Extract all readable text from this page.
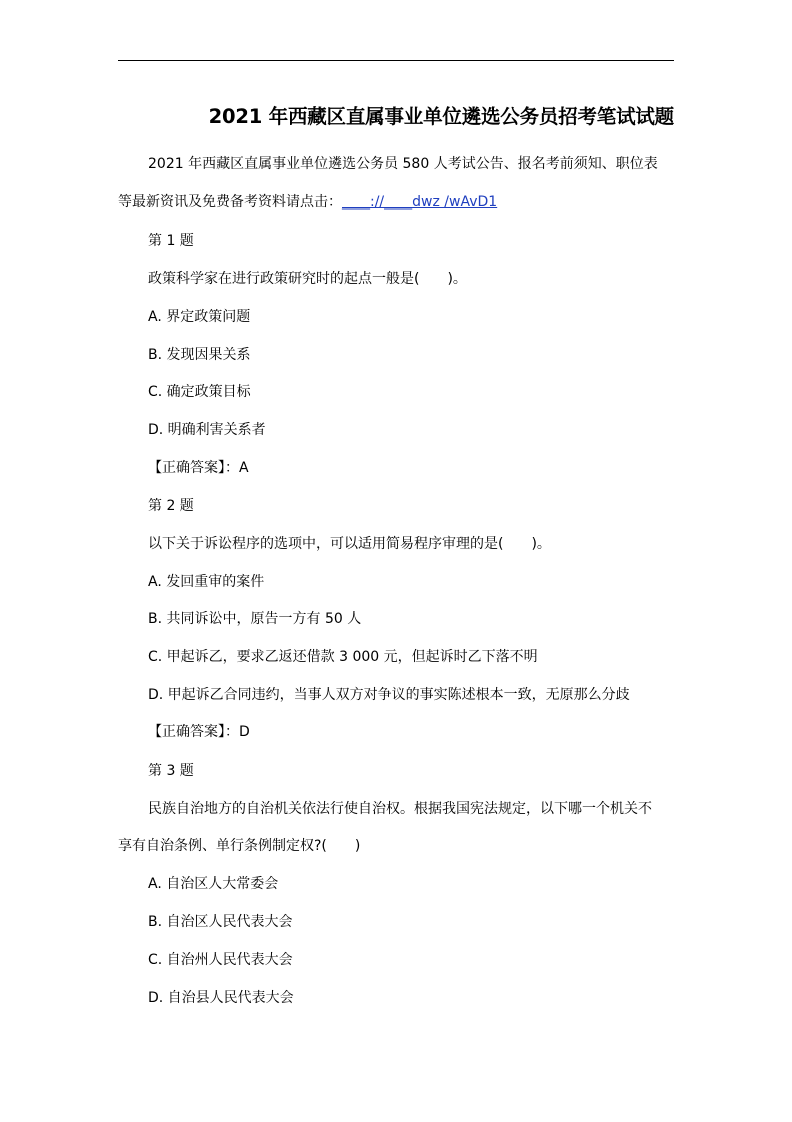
2021 年西藏区直属事业单位遴选公务员招考笔试试题
2021 年西藏区直属事业单位遴选公务员 580 人考试公告、报名考前须知、职位表
等最新资讯及免费备考资料请点击：____://____dwz /wAvD1
第 1 题
政策科学家在进行政策研究时的起点一般是(　　)。
A. 界定政策问题
B. 发现因果关系
C. 确定政策目标
D. 明确利害关系者
【正确答案】：A
第 2 题
以下关于诉讼程序的选项中，可以适用简易程序审理的是(　　)。
A. 发回重审的案件
B. 共同诉讼中，原告一方有 50 人
C. 甲起诉乙，要求乙返还借款 3 000 元，但起诉时乙下落不明
D. 甲起诉乙合同违约，当事人双方对争议的事实陈述根本一致，无原那么分歧
【正确答案】：D
第 3 题
民族自治地方的自治机关依法行使自治权。根据我国宪法规定，以下哪一个机关不
享有自治条例、单行条例制定权?(　　)
A. 自治区人大常委会
B. 自治区人民代表大会
C. 自治州人民代表大会
D. 自治县人民代表大会
